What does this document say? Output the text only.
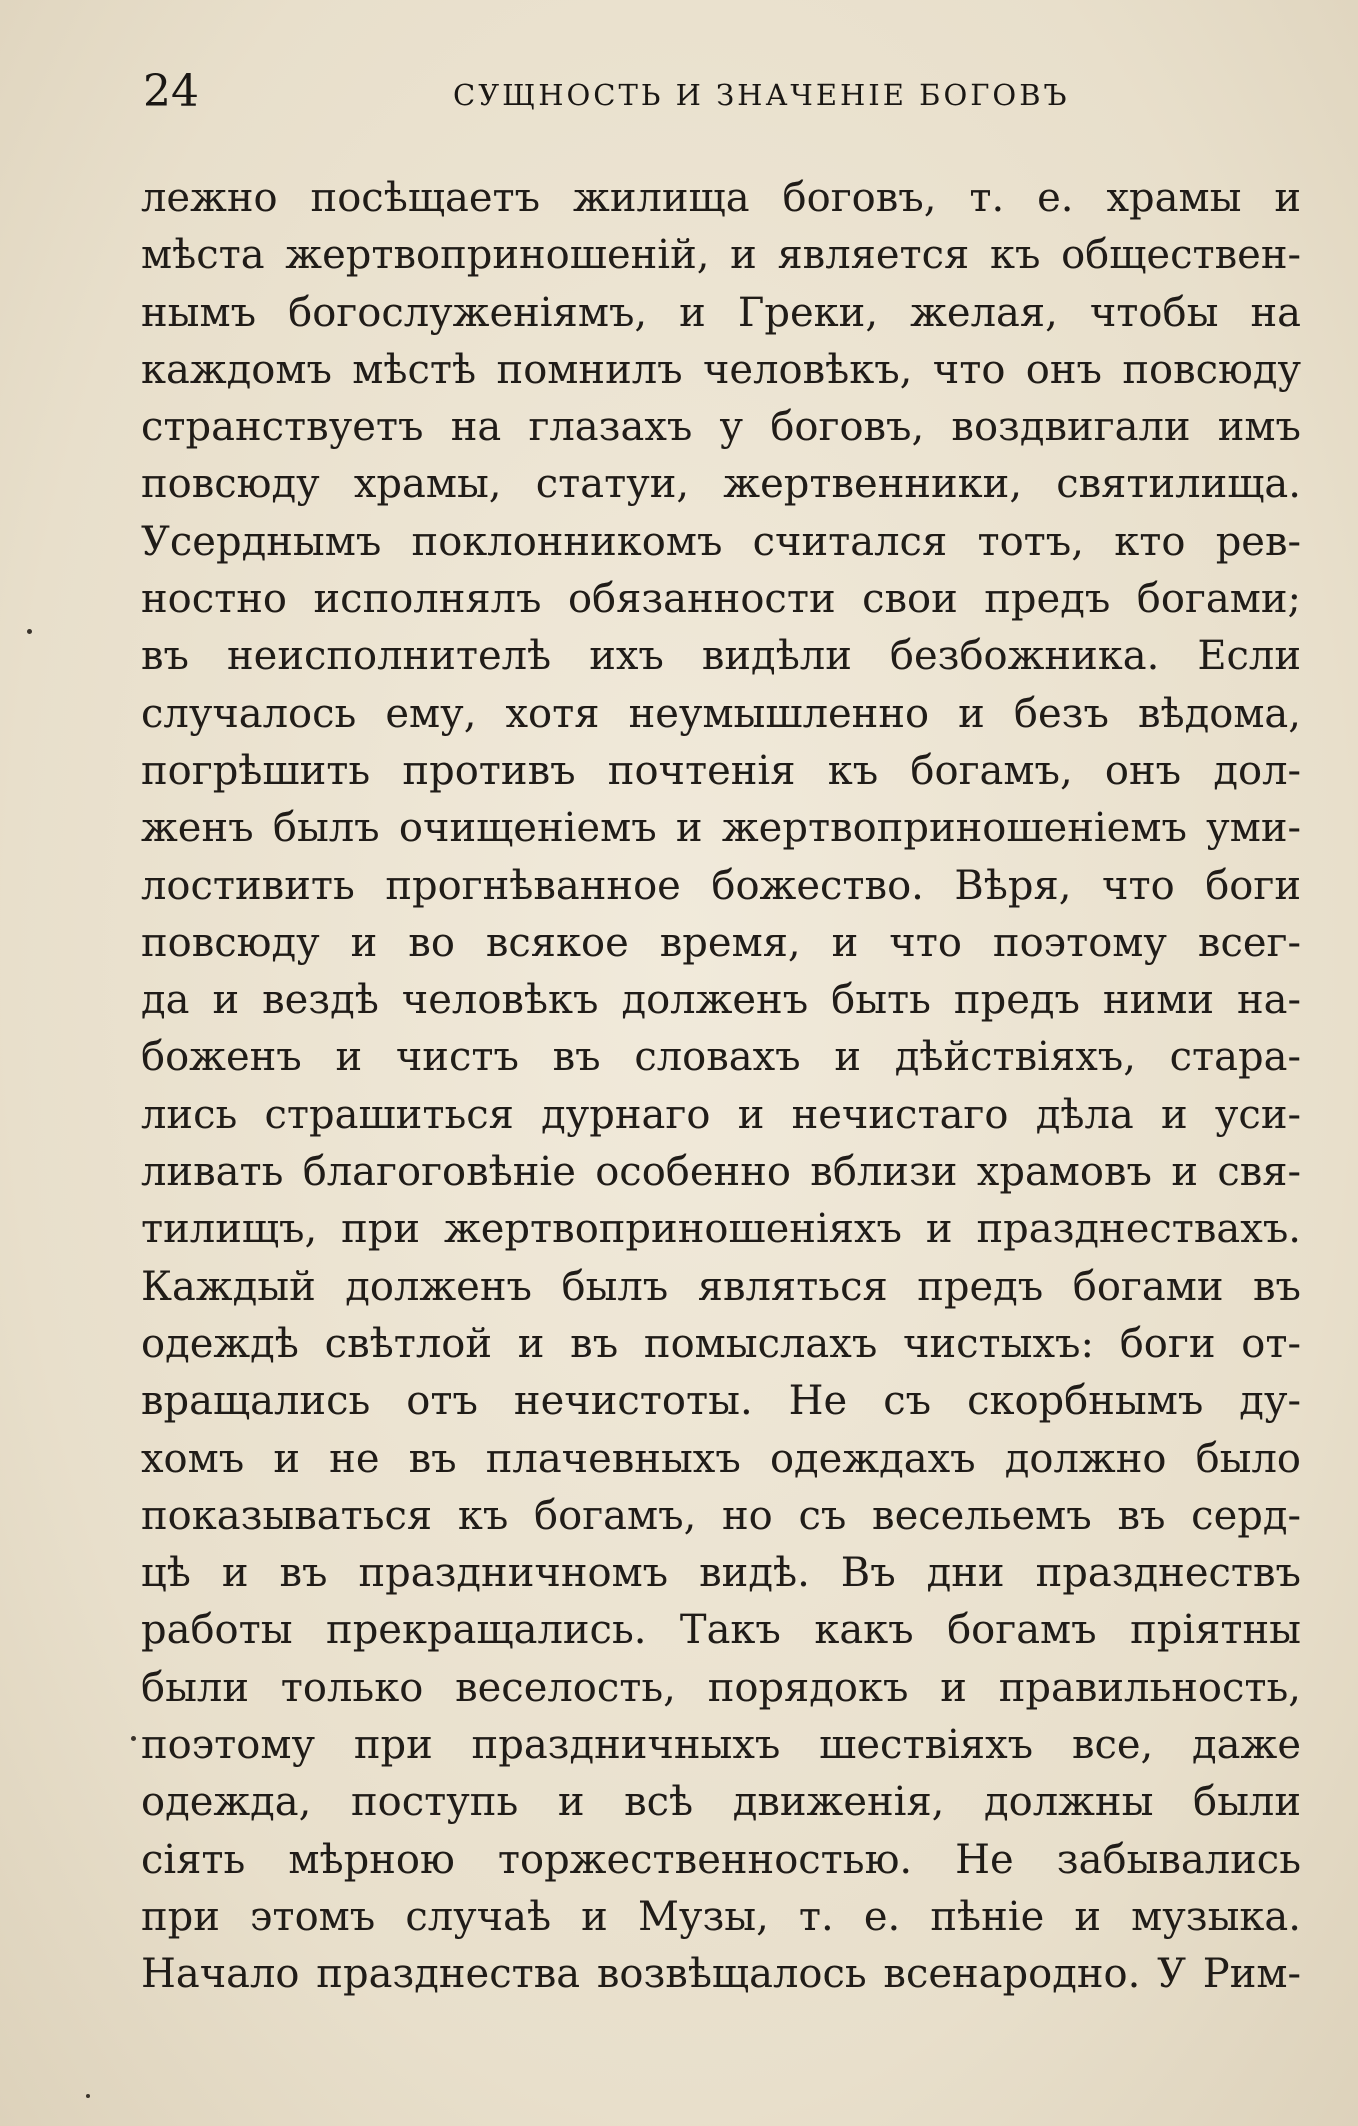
24	СУЩНОСТЬ И ЗНАЧЕНІЕ БОГОВЪ
лежно посѣщаетъ жилища боговъ, т. е. храмы и
мѣста жертвоприношеній, и является къ обществен-
нымъ богослуженіямъ, и Греки, желая, чтобы на
каждомъ мѣстѣ помнилъ человѣкъ, что онъ повсюду
странствуетъ на глазахъ у боговъ, воздвигали имъ
повсюду храмы, статуи, жертвенники, святилища.
Усерднымъ поклонникомъ считался тотъ, кто рев-
ностно исполнялъ обязанности свои предъ богами;
въ неисполнителѣ ихъ видѣли безбожника. Если
случалось ему, хотя неумышленно и безъ вѣдома,
погрѣшить противъ почтенія къ богамъ, онъ дол-
женъ былъ очищеніемъ и жертвоприношеніемъ уми-
лостивить прогнѣванное божество. Вѣря, что боги
повсюду и во всякое время, и что поэтому всег-
да и вездѣ человѣкъ долженъ быть предъ ними на-
боженъ и чистъ въ словахъ и дѣйствіяхъ, стара-
лись страшиться дурнаго и нечистаго дѣла и уси-
ливать благоговѣніе особенно вблизи храмовъ и свя-
тилищъ, при жертвоприношеніяхъ и празднествахъ.
Каждый долженъ былъ являться предъ богами въ
одеждѣ свѣтлой и въ помыслахъ чистыхъ: боги от-
вращались отъ нечистоты. Не съ скорбнымъ ду-
хомъ и не въ плачевныхъ одеждахъ должно было
показываться къ богамъ, но съ весельемъ въ серд-
цѣ и въ праздничномъ видѣ. Въ дни празднествъ
работы прекращались. Такъ какъ богамъ пріятны
были только веселость, порядокъ и правильность,
поэтому при праздничныхъ шествіяхъ все, даже
одежда, поступь и всѣ движенія, должны были
сіять мѣрною торжественностью. Не забывались
при этомъ случаѣ и Музы, т. е. пѣніе и музыка.
Начало празднества возвѣщалось всенародно. У Рим-
